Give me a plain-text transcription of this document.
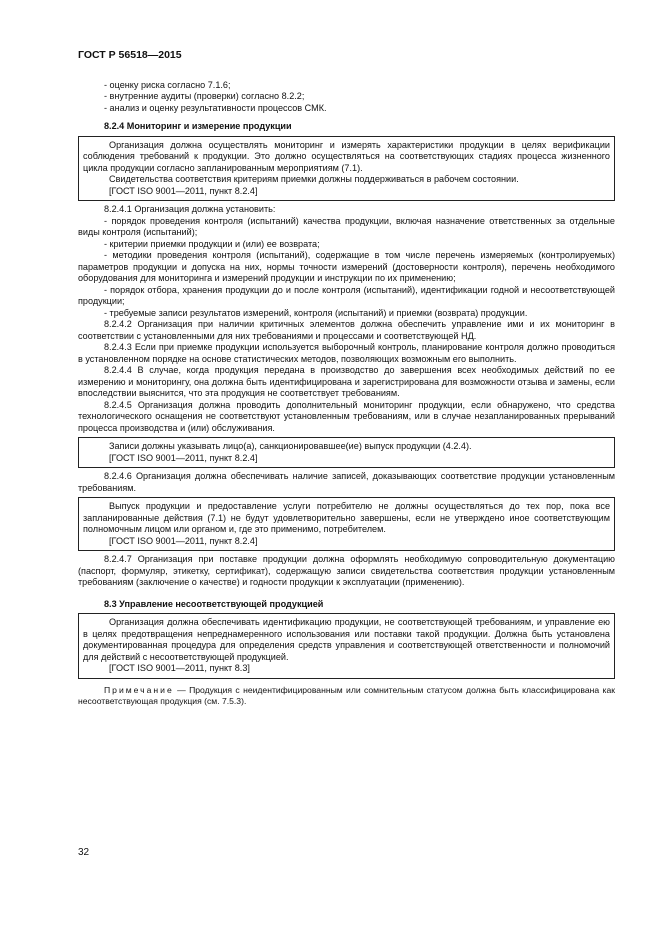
ГОСТ Р 56518—2015
- оценку риска согласно 7.1.6;
- внутренние аудиты (проверки) согласно 8.2.2;
- анализ и оценку результативности процессов СМК.
8.2.4 Мониторинг и измерение продукции
Организация должна осуществлять мониторинг и измерять характеристики продукции в целях верификации соблюдения требований к продукции. Это должно осуществляться на соответствующих стадиях процесса жизненного цикла продукции согласно запланированным мероприятиям (7.1).
Свидетельства соответствия критериям приемки должны поддерживаться в рабочем состоянии.
[ГОСТ ISO 9001—2011, пункт 8.2.4]
8.2.4.1 Организация должна установить:
- порядок проведения контроля (испытаний) качества продукции, включая назначение ответственных за отдельные виды контроля (испытаний);
- критерии приемки продукции и (или) ее возврата;
- методики проведения контроля (испытаний), содержащие в том числе перечень измеряемых (контролируемых) параметров продукции и допуска на них, нормы точности измерений (достоверности контроля), перечень необходимого оборудования для мониторинга и измерений продукции и инструкции по их применению;
- порядок отбора, хранения продукции до и после контроля (испытаний), идентификации годной и несоответствующей продукции;
- требуемые записи результатов измерений, контроля (испытаний) и приемки (возврата) продукции.
8.2.4.2 Организация при наличии критичных элементов должна обеспечить управление ими и их мониторинг в соответствии с установленными для них требованиями и процессами и соответствующей НД.
8.2.4.3 Если при приемке продукции используется выборочный контроль, планирование контроля должно проводиться в установленном порядке на основе статистических методов, позволяющих возможным его выполнить.
8.2.4.4 В случае, когда продукция передана в производство до завершения всех необходимых действий по ее измерению и мониторингу, она должна быть идентифицирована и зарегистрирована для возможности отзыва и замены, если впоследствии выяснится, что эта продукция не соответствует требованиям.
8.2.4.5 Организация должна проводить дополнительный мониторинг продукции, если обнаружено, что средства технологического оснащения не соответствуют установленным требованиям, или в случае незапланированных прерываний процесса производства и (или) обслуживания.
Записи должны указывать лицо(а), санкционировавшее(ие) выпуск продукции (4.2.4).
[ГОСТ ISO 9001—2011, пункт 8.2.4]
8.2.4.6 Организация должна обеспечивать наличие записей, доказывающих соответствие продукции установленным требованиям.
Выпуск продукции и предоставление услуги потребителю не должны осуществляться до тех пор, пока все запланированные действия (7.1) не будут удовлетворительно завершены, если не утверждено иное соответствующим полномочным лицом или органом и, где это применимо, потребителем.
[ГОСТ ISO 9001—2011, пункт 8.2.4]
8.2.4.7 Организация при поставке продукции должна оформлять необходимую сопроводительную документацию (паспорт, формуляр, этикетку, сертификат), содержащую записи свидетельства соответствия продукции установленным требованиям (заключение о качестве) и годности продукции к эксплуатации (применению).
8.3 Управление несоответствующей продукцией
Организация должна обеспечивать идентификацию продукции, не соответствующей требованиям, и управление ею в целях предотвращения непреднамеренного использования или поставки такой продукции. Должна быть установлена документированная процедура для определения средств управления и соответствующей ответственности и полномочий для действий с несоответствующей продукцией.
[ГОСТ ISO 9001—2011, пункт 8.3]
Примечание — Продукция с неидентифицированным или сомнительным статусом должна быть классифицирована как несоответствующая продукция (см. 7.5.3).
32
